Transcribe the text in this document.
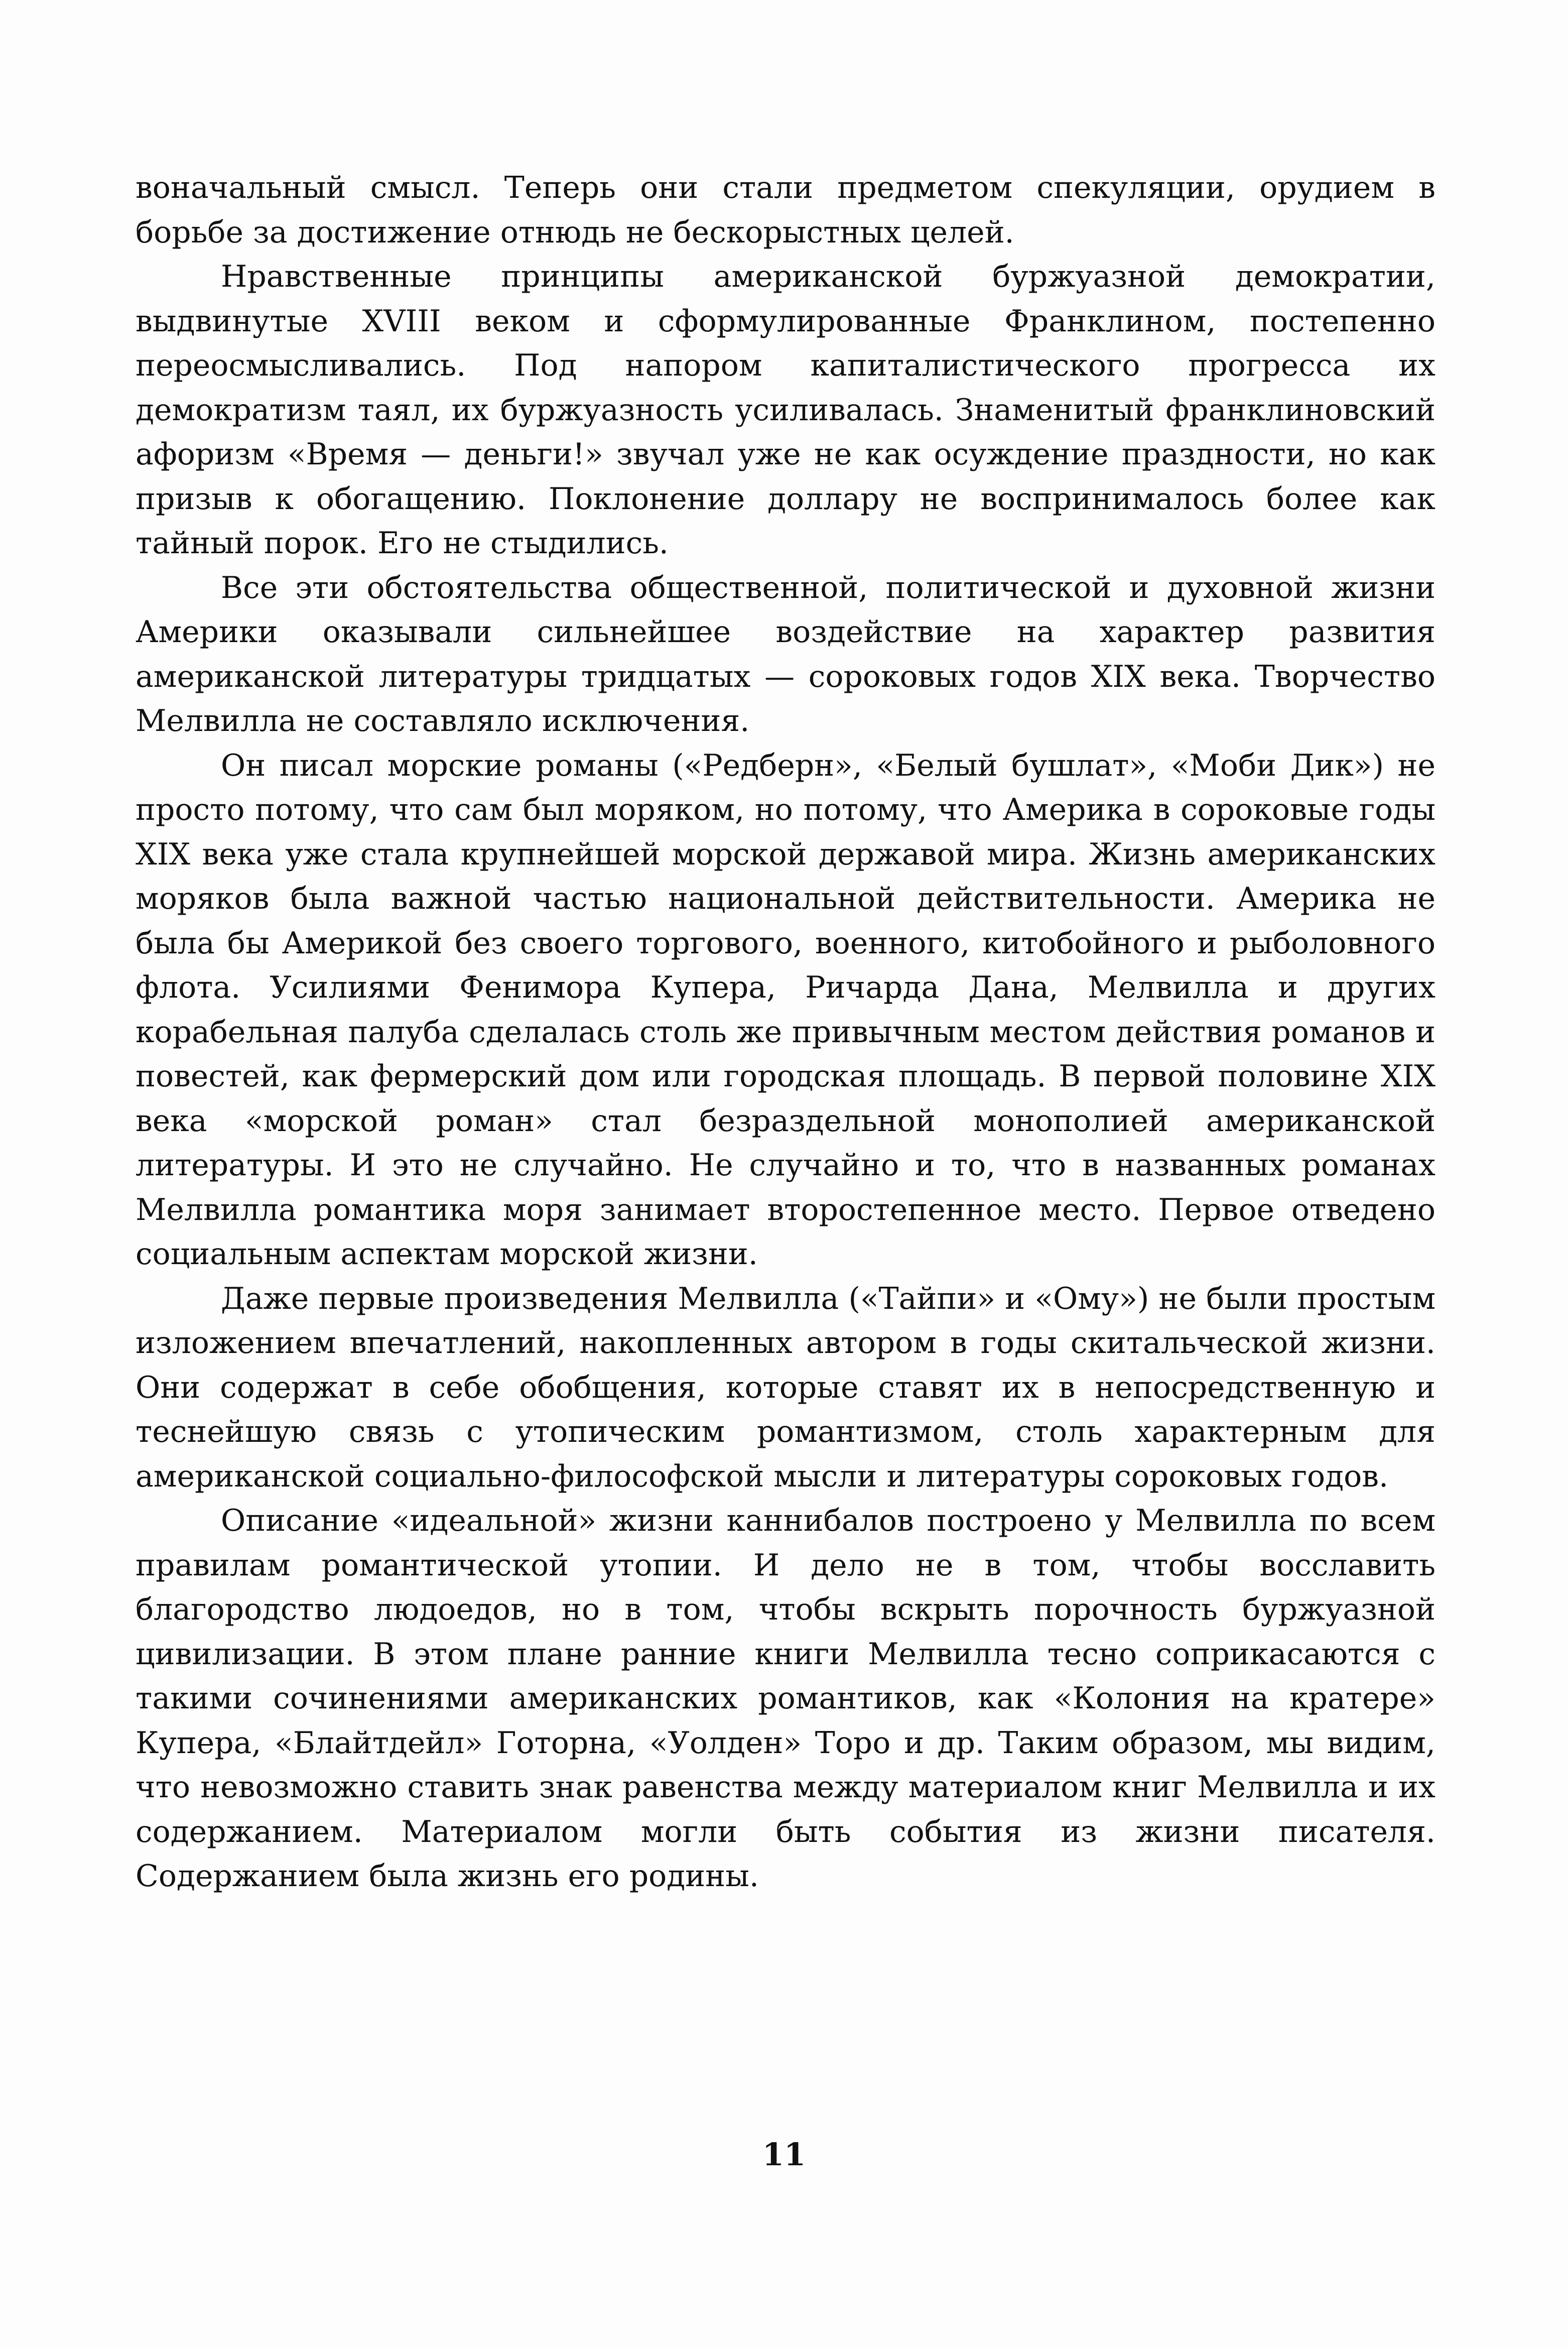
воначальный смысл. Теперь они стали предметом спекуляции, орудием в борьбе за достижение отнюдь не бескорыстных целей.

Нравственные принципы американской буржуазной демократии, выдвинутые XVIII веком и сформулированные Франклином, постепенно переосмысливались. Под напором капиталистического прогресса их демократизм таял, их буржуазность усиливалась. Знаменитый франклиновский афоризм «Время — деньги!» звучал уже не как осуждение праздности, но как призыв к обогащению. Поклонение доллару не воспринималось более как тайный порок. Его не стыдились.

Все эти обстоятельства общественной, политической и духовной жизни Америки оказывали сильнейшее воздействие на характер развития американской литературы тридцатых — сороковых годов XIX века. Творчество Мелвилла не составляло исключения.

Он писал морские романы («Редберн», «Белый бушлат», «Моби Дик») не просто потому, что сам был моряком, но потому, что Америка в сороковые годы XIX века уже стала крупнейшей морской державой мира. Жизнь американских моряков была важной частью национальной действительности. Америка не была бы Америкой без своего торгового, военного, китобойного и рыболовного флота. Усилиями Фенимора Купера, Ричарда Дана, Мелвилла и других корабельная палуба сделалась столь же привычным местом действия романов и повестей, как фермерский дом или городская площадь. В первой половине XIX века «морской роман» стал безраздельной монополией американской литературы. И это не случайно. Не случайно и то, что в названных романах Мелвилла романтика моря занимает второстепенное место. Первое отведено социальным аспектам морской жизни.

Даже первые произведения Мелвилла («Тайпи» и «Ому») не были простым изложением впечатлений, накопленных автором в годы скитальческой жизни. Они содержат в себе обобщения, которые ставят их в непосредственную и теснейшую связь с утопическим романтизмом, столь характерным для американской социально-философской мысли и литературы сороковых годов.

Описание «идеальной» жизни каннибалов построено у Мелвилла по всем правилам романтической утопии. И дело не в том, чтобы восславить благородство людоедов, но в том, чтобы вскрыть порочность буржуазной цивилизации. В этом плане ранние книги Мелвилла тесно соприкасаются с такими сочинениями американских романтиков, как «Колония на кратере» Купера, «Блайтдейл» Готорна, «Уолден» Торо и др. Таким образом, мы видим, что невозможно ставить знак равенства между материалом книг Мелвилла и их содержанием. Материалом могли быть события из жизни писателя. Содержанием была жизнь его родины.

11
